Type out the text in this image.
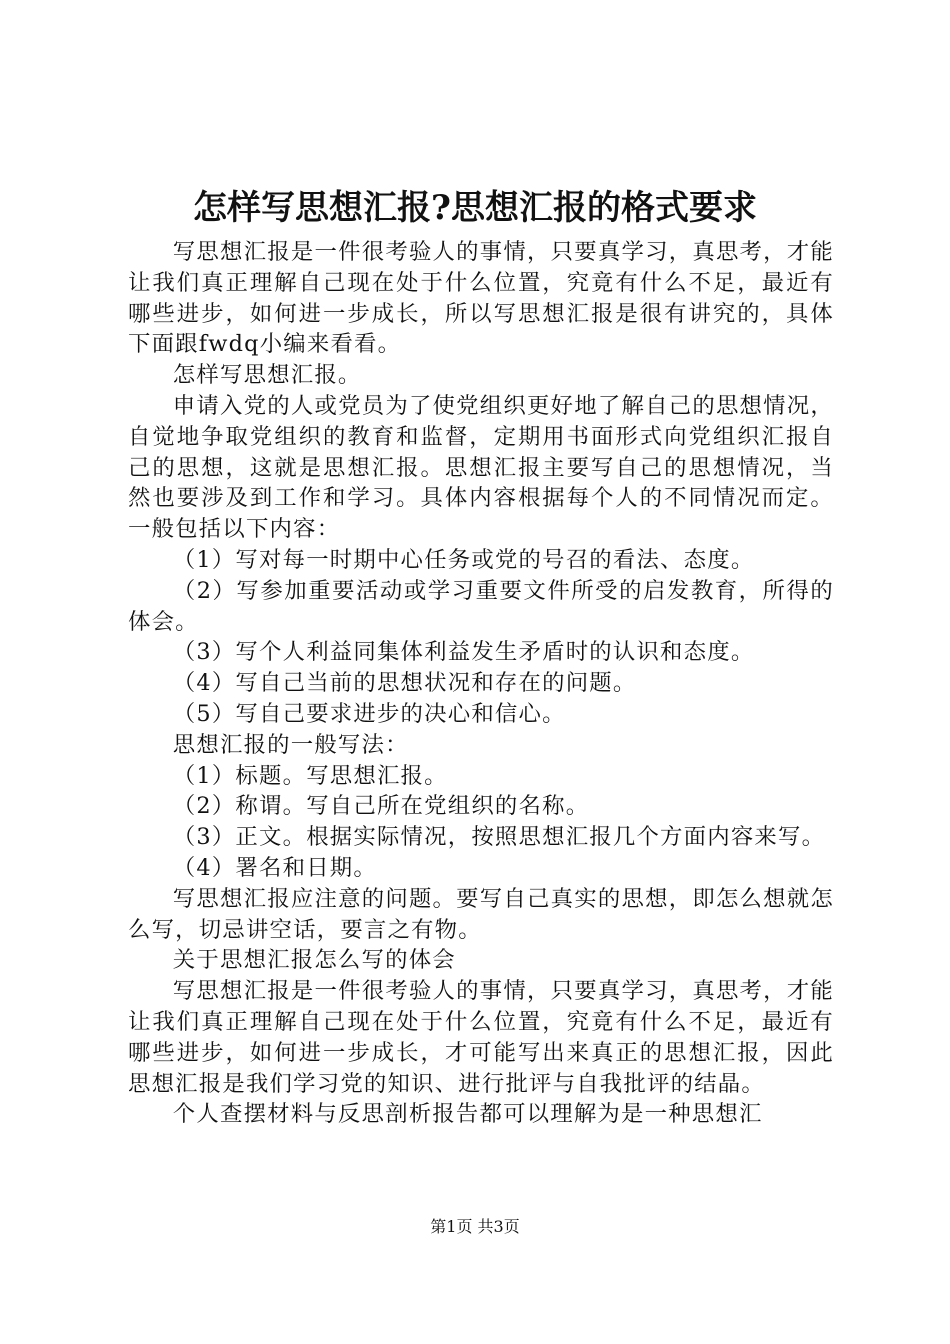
怎样写思想汇报?思想汇报的格式要求

写思想汇报是一件很考验人的事情，只要真学习，真思考，才能让我们真正理解自己现在处于什么位置，究竟有什么不足，最近有哪些进步，如何进一步成长，所以写思想汇报是很有讲究的，具体下面跟fwdq小编来看看。

怎样写思想汇报。

申请入党的人或党员为了使党组织更好地了解自己的思想情况，自觉地争取党组织的教育和监督，定期用书面形式向党组织汇报自己的思想，这就是思想汇报。思想汇报主要写自己的思想情况，当然也要涉及到工作和学习。具体内容根据每个人的不同情况而定。一般包括以下内容：

（1）写对每一时期中心任务或党的号召的看法、态度。

（2）写参加重要活动或学习重要文件所受的启发教育，所得的体会。

（3）写个人利益同集体利益发生矛盾时的认识和态度。

（4）写自己当前的思想状况和存在的问题。

（5）写自己要求进步的决心和信心。

思想汇报的一般写法：

（1）标题。写思想汇报。

（2）称谓。写自己所在党组织的名称。

（3）正文。根据实际情况，按照思想汇报几个方面内容来写。

（4）署名和日期。

写思想汇报应注意的问题。要写自己真实的思想，即怎么想就怎么写，切忌讲空话，要言之有物。

关于思想汇报怎么写的体会

写思想汇报是一件很考验人的事情，只要真学习，真思考，才能让我们真正理解自己现在处于什么位置，究竟有什么不足，最近有哪些进步，如何进一步成长，才可能写出来真正的思想汇报，因此思想汇报是我们学习党的知识、进行批评与自我批评的结晶。

个人查摆材料与反思剖析报告都可以理解为是一种思想汇

第1页 共3页
